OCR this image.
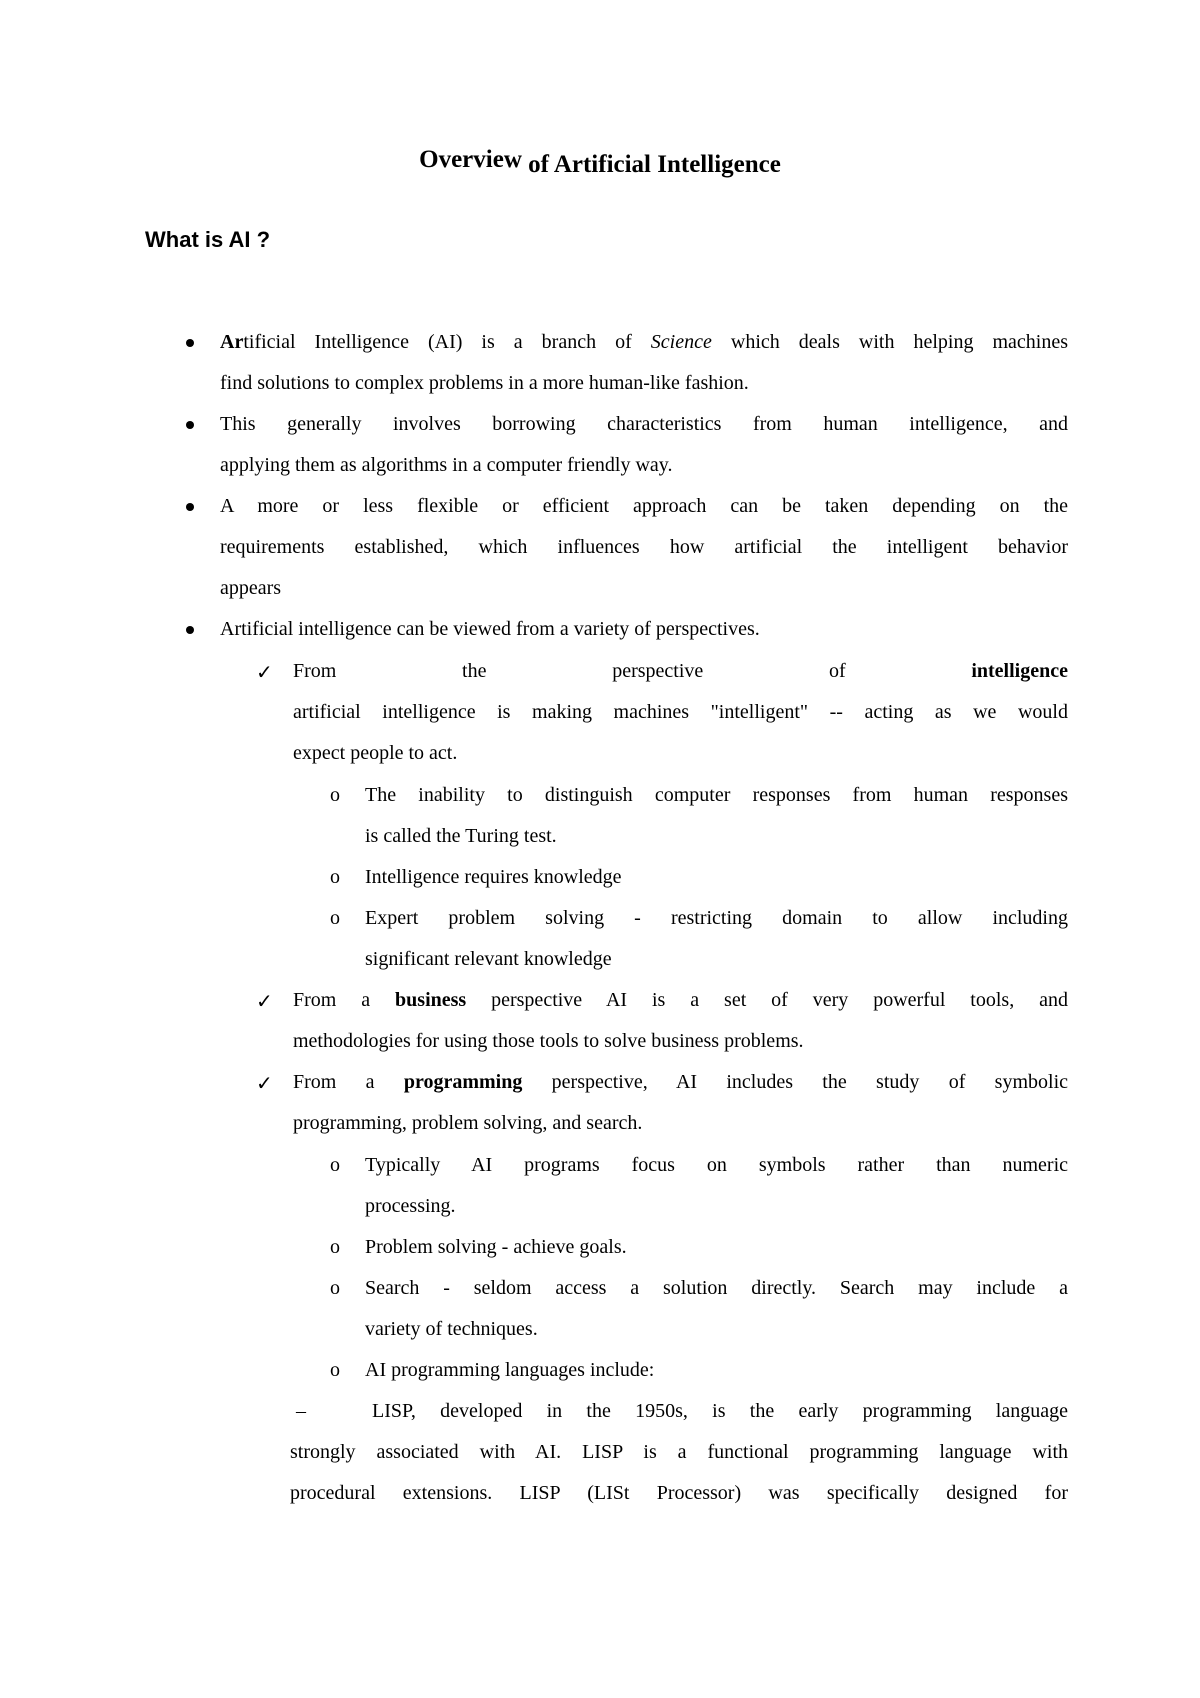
Overview of Artificial Intelligence
What is AI ?

Artificial Intelligence (AI) is a branch of Science which deals with helping machines

find solutions to complex problems in a more human-like fashion.

This generally involves borrowing characteristics from human intelligence, and

applying them as algorithms in a computer friendly way.

A more or less flexible or efficient approach can be taken depending on the

requirements established, which influences how artificial the intelligent behavior

appears

Artificial intelligence can be viewed from a variety of perspectives.

✓ From	the	perspective	of	intelligence

artificial intelligence is making machines "intelligent" -- acting as we would

expect people to act.

o The inability to distinguish computer responses from human responses

is called the Turing test.

o Intelligence requires knowledge

o Expert problem solving - restricting domain to allow including

significant relevant knowledge

✓ From a business perspective AI is a set of very powerful tools, and

methodologies for using those tools to solve business problems.

✓ From a programming perspective, AI includes the study of symbolic

programming, problem solving, and search.

o Typically AI programs focus on symbols rather than numeric

processing.

o Problem solving - achieve goals.

o Search - seldom access a solution directly. Search may include a

variety of techniques.

o AI programming languages include:

–	LISP, developed in the 1950s, is the early programming language

strongly associated with AI. LISP is a functional programming language with

procedural extensions. LISP (LISt Processor) was specifically designed for
